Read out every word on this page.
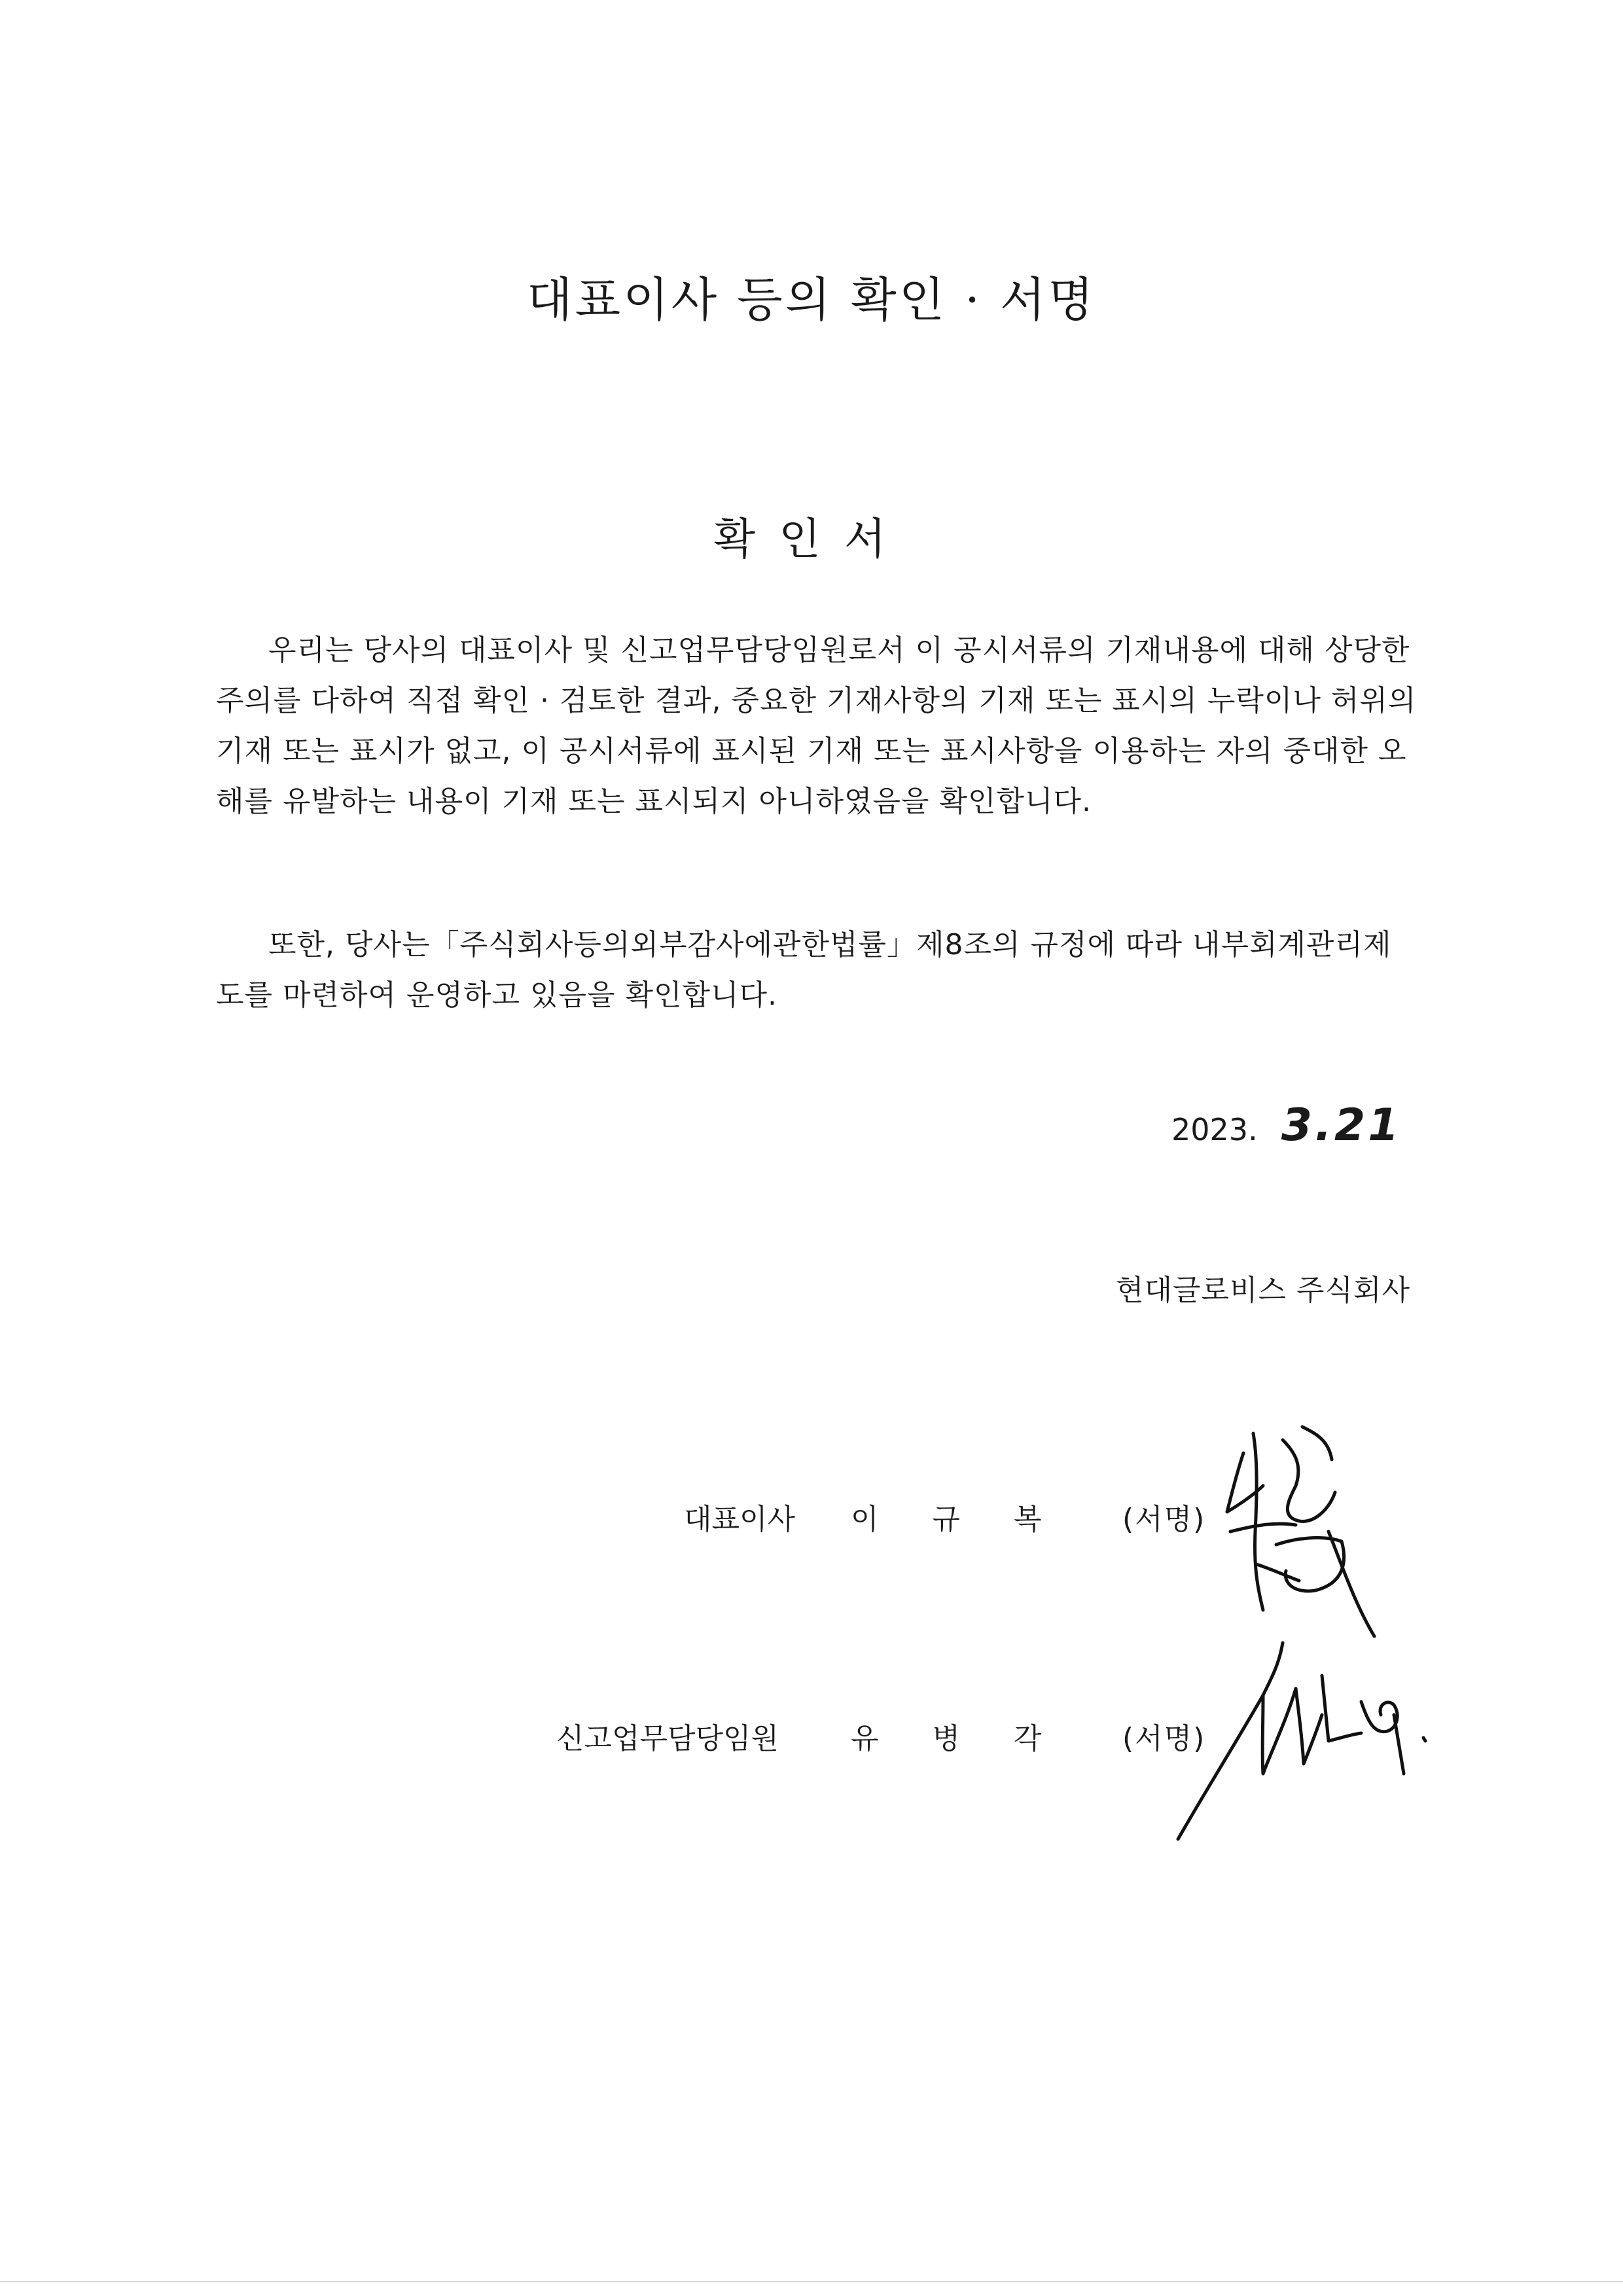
대표이사 등의 확인 · 서명
확인서
우리는 당사의 대표이사 및 신고업무담당임원로서 이 공시서류의 기재내용에 대해 상당한 주의를 다하여 직접 확인 · 검토한 결과, 중요한 기재사항의 기재 또는 표시의 누락이나 허위의 기재 또는 표시가 없고, 이 공시서류에 표시된 기재 또는 표시사항을 이용하는 자의 중대한 오해를 유발하는 내용이 기재 또는 표시되지 아니하였음을 확인합니다.
또한, 당사는「주식회사등의외부감사에관한법률」제8조의 규정에 따라 내부회계관리제도를 마련하여 운영하고 있음을 확인합니다.
2023. 3.21
현대글로비스 주식회사
대표이사 이 규 복 (서명)
신고업무담당임원 유 병 각 (서명)
